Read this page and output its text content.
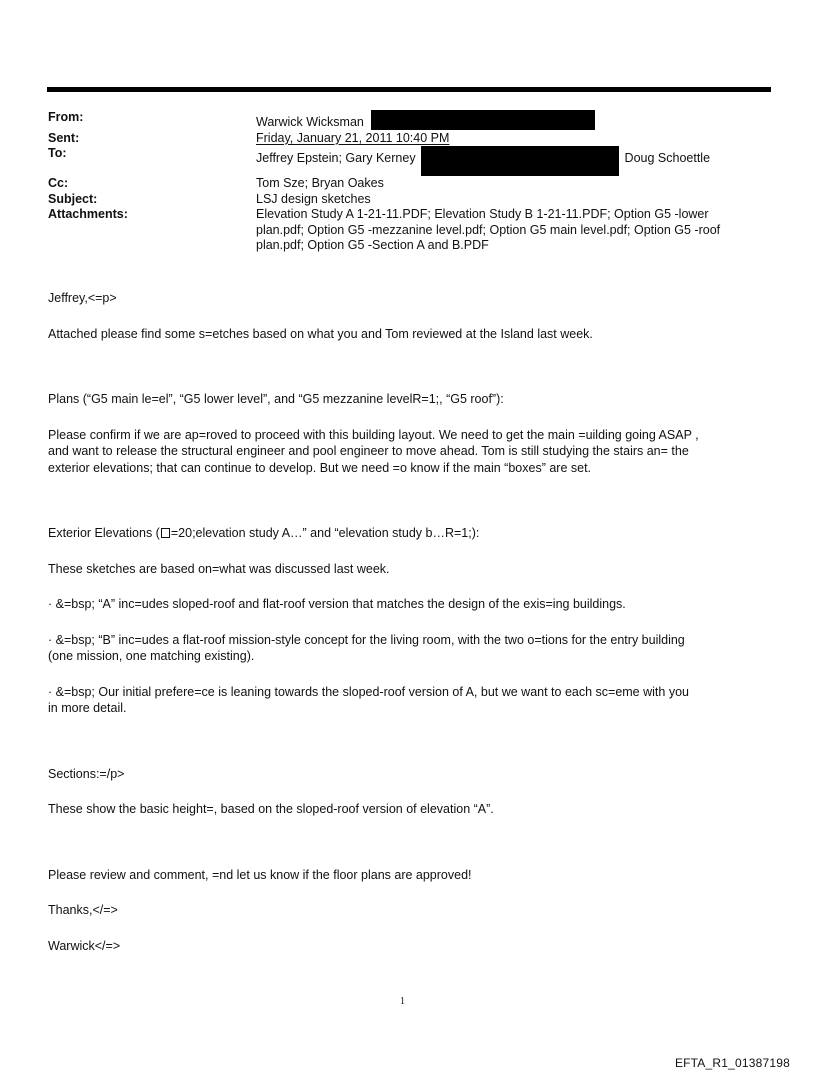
From:	Warwick Wicksman
Sent:	Friday, January 21, 2011 10:40 PM
To:	Jeffrey Epstein; Gary Kerney	Doug Schoettle
Cc:	Tom Sze; Bryan Oakes
Subject:	LSJ design sketches
Attachments:	Elevation Study A 1-21-11.PDF; Elevation Study B 1-21-11.PDF; Option G5 -lower
plan.pdf; Option G5 -mezzanine level.pdf; Option G5 main level.pdf; Option G5 -roof
plan.pdf; Option G5 -Section A and B.PDF

Jeffrey,<=p>

Attached please find some s=etches based on what you and Tom reviewed at the Island last week.

Plans (“G5 main le=el”, “G5 lower level”, and “G5 mezzanine levelR=1;, “G5 roof”):

Please confirm if we are ap=roved to proceed with this building layout. We need to get the main =uilding going ASAP ,
and want to release the structural engineer and pool engineer to move ahead. Tom is still studying the stairs an= the
exterior elevations; that can continue to develop. But we need =o know if the main “boxes” are set.

Exterior Elevations ( =20;elevation study A…” and “elevation study b…R=1;):

These sketches are based on=what was discussed last week.

· &=bsp; “A” inc=udes sloped-roof and flat-roof version that matches the design of the exis=ing buildings.

· &=bsp; “B” inc=udes a flat-roof mission-style concept for the living room, with the two o=tions for the entry building
(one mission, one matching existing).
· &=bsp; Our initial prefere=ce is leaning towards the sloped-roof version of A, but we want to each sc=eme with you
in more detail.

Sections:=/p>

These show the basic height=, based on the sloped-roof version of elevation “A”.

Please review and comment, =nd let us know if the floor plans are approved!

Thanks,</=>

Warwick</=>

1
EFTA_R1_01387198
